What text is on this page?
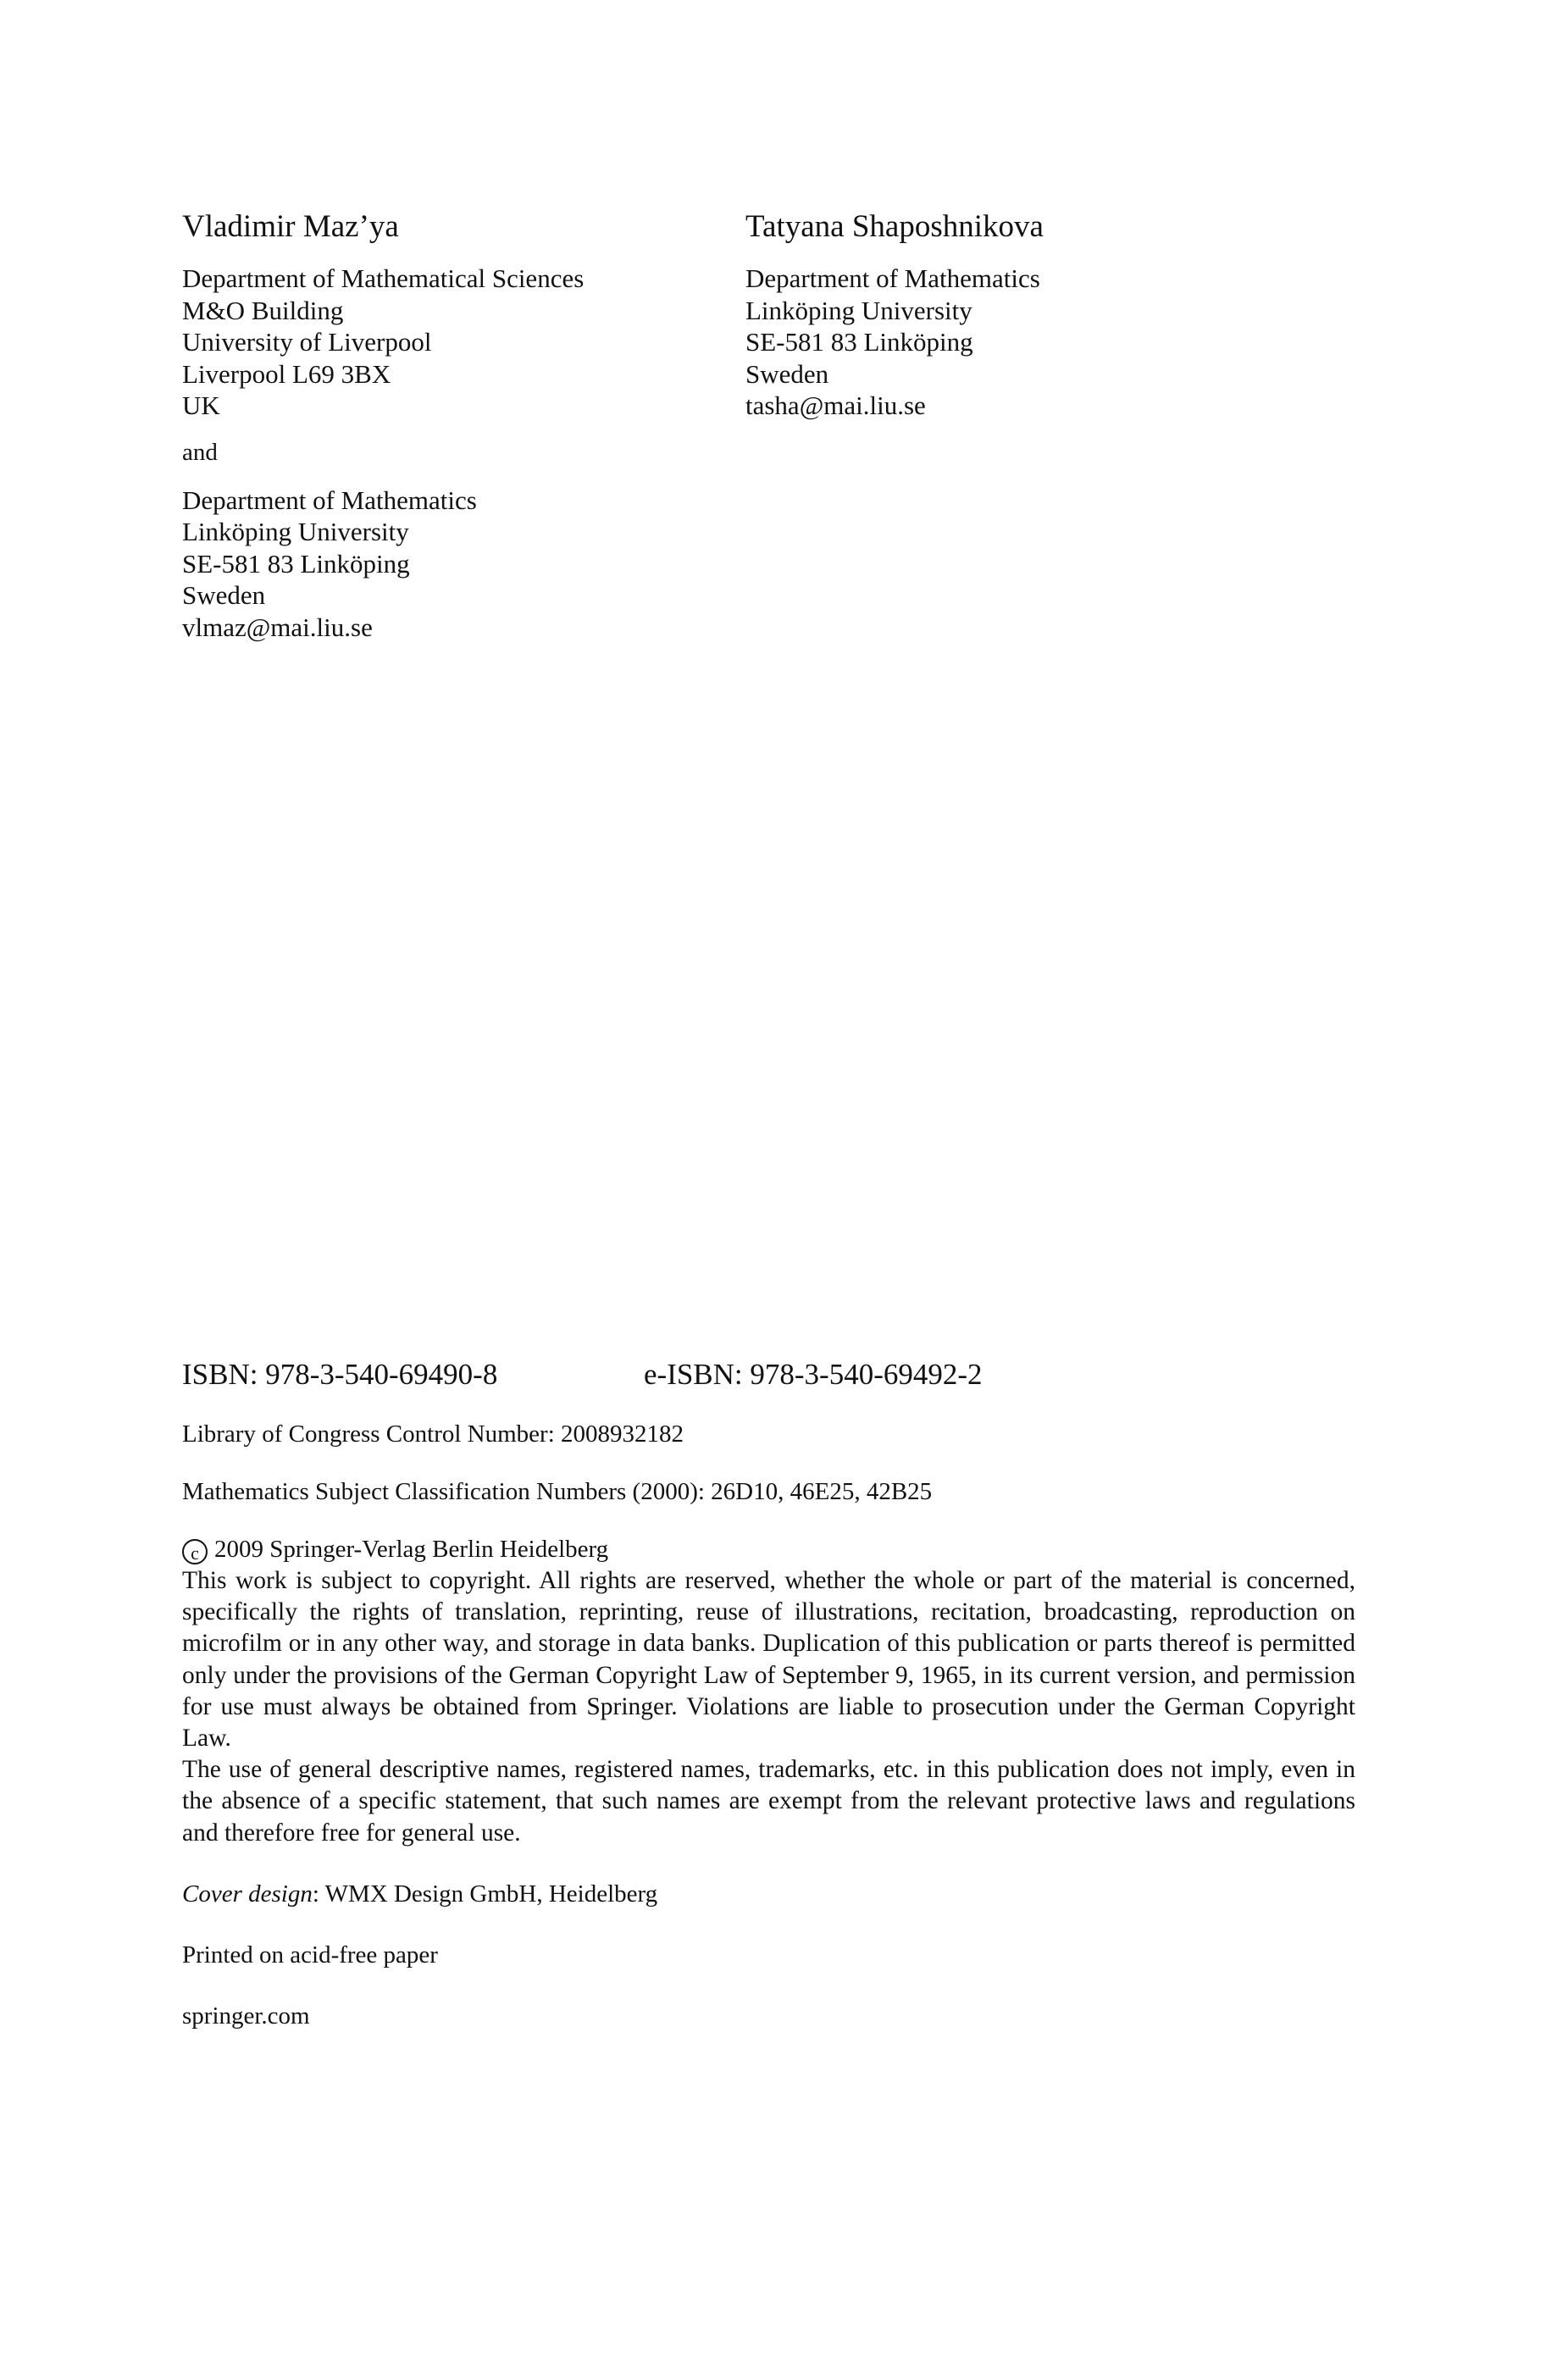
Vladimir Maz’ya
Department of Mathematical Sciences
M&O Building
University of Liverpool
Liverpool L69 3BX
UK
and
Department of Mathematics
Linköping University
SE-581 83 Linköping
Sweden
vlmaz@mai.liu.se
Tatyana Shaposhnikova
Department of Mathematics
Linköping University
SE-581 83 Linköping
Sweden
tasha@mai.liu.se
ISBN: 978-3-540-69490-8	e-ISBN: 978-3-540-69492-2
Library of Congress Control Number: 2008932182
Mathematics Subject Classification Numbers (2000): 26D10, 46E25, 42B25
c 2009 Springer-Verlag Berlin Heidelberg

This work is subject to copyright. All rights are reserved, whether the whole or part of the material is concerned, specifically the rights of translation, reprinting, reuse of illustrations, recitation, broadcasting, reproduction on microfilm or in any other way, and storage in data banks. Duplication of this publication or parts thereof is permitted only under the provisions of the German Copyright Law of September 9, 1965, in its current version, and permission for use must always be obtained from Springer. Violations are liable to prosecution under the German Copyright Law.

The use of general descriptive names, registered names, trademarks, etc. in this publication does not imply, even in the absence of a specific statement, that such names are exempt from the relevant protective laws and regulations and therefore free for general use.

Cover design: WMX Design GmbH, Heidelberg
Printed on acid-free paper
springer.com
